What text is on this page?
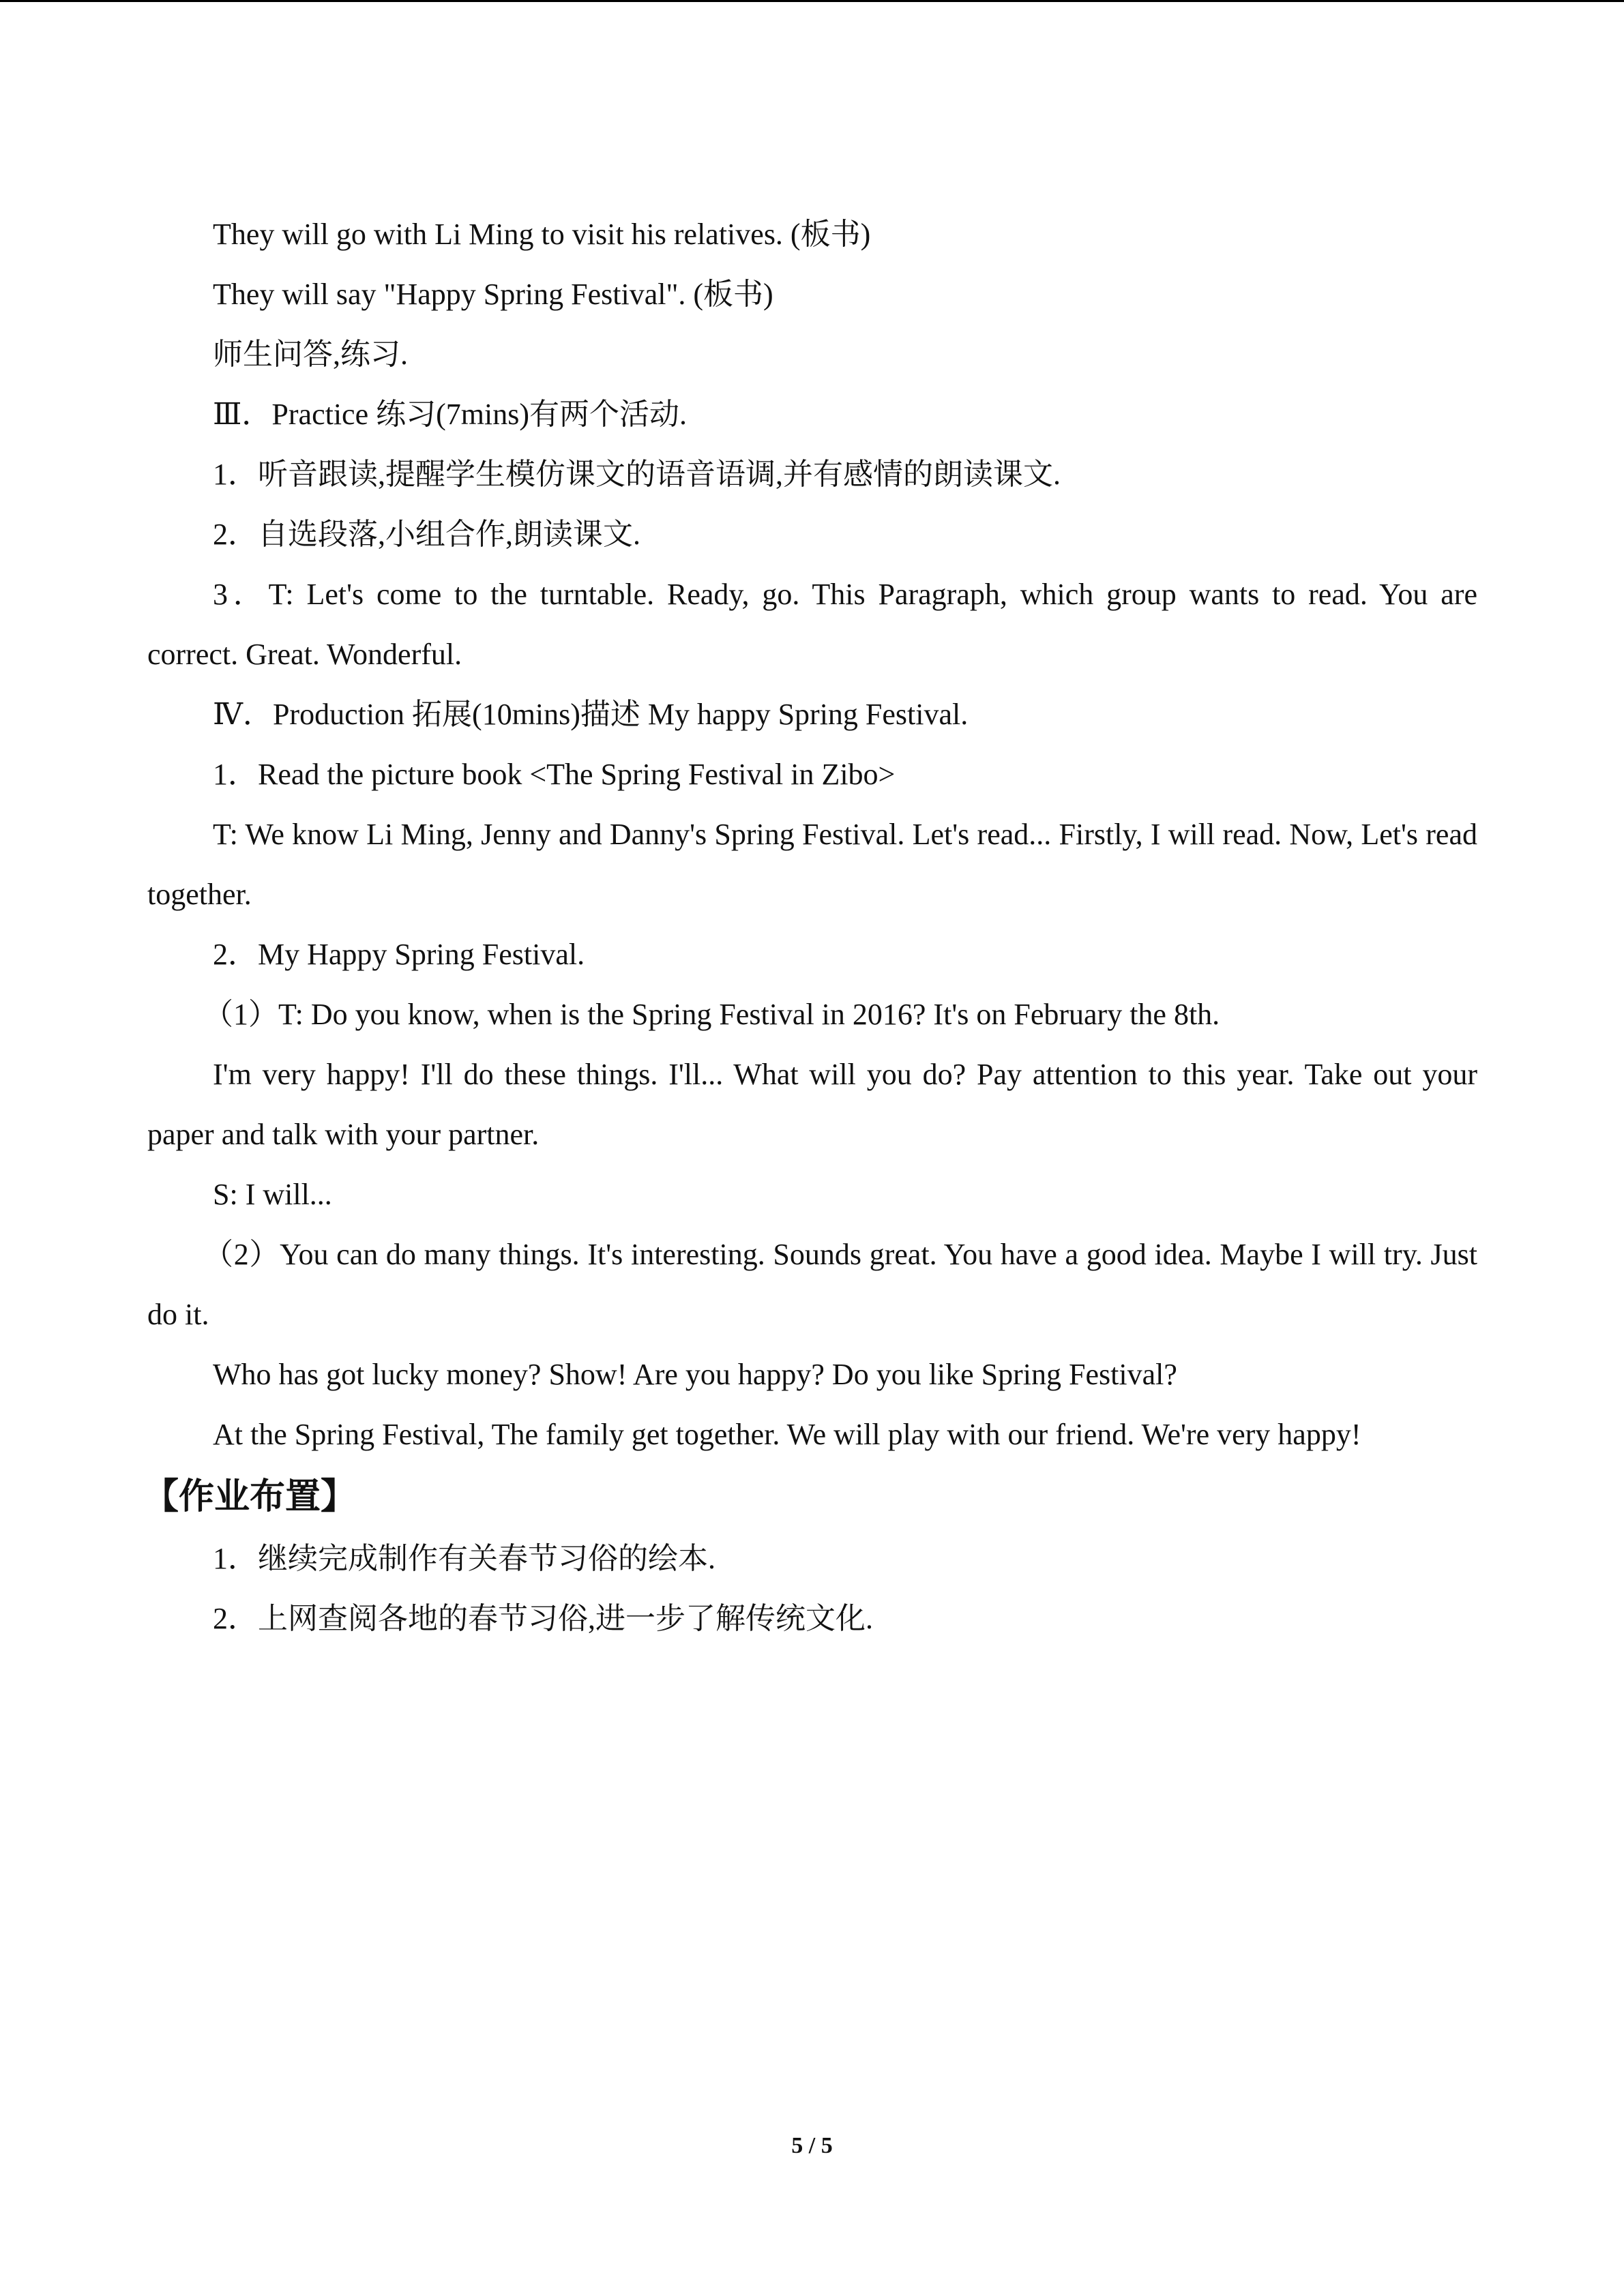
They will go with Li Ming to visit his relatives. (板书)
They will say "Happy Spring Festival". (板书)
师生问答,练习.
Ⅲ．Practice 练习(7mins)有两个活动.
1．听音跟读,提醒学生模仿课文的语音语调,并有感情的朗读课文.
2．自选段落,小组合作,朗读课文.
3．T: Let's come to the turntable. Ready, go. This Paragraph, which group wants to read. You are correct. Great. Wonderful.
Ⅳ．Production 拓展(10mins)描述 My happy Spring Festival.
1．Read the picture book <The Spring Festival in Zibo>
T: We know Li Ming, Jenny and Danny's Spring Festival. Let's read... Firstly, I will read. Now, Let's read together.
2．My Happy Spring Festival.
（1）T: Do you know, when is the Spring Festival in 2016? It's on February the 8th.
I'm very happy! I'll do these things. I'll... What will you do? Pay attention to this year. Take out your paper and talk with your partner.
S: I will...
（2）You can do many things. It's interesting. Sounds great. You have a good idea. Maybe I will try. Just do it.
Who has got lucky money? Show! Are you happy? Do you like Spring Festival?
At the Spring Festival, The family get together. We will play with our friend. We're very happy!
【作业布置】
1．继续完成制作有关春节习俗的绘本.
2．上网查阅各地的春节习俗,进一步了解传统文化.
5 / 5
